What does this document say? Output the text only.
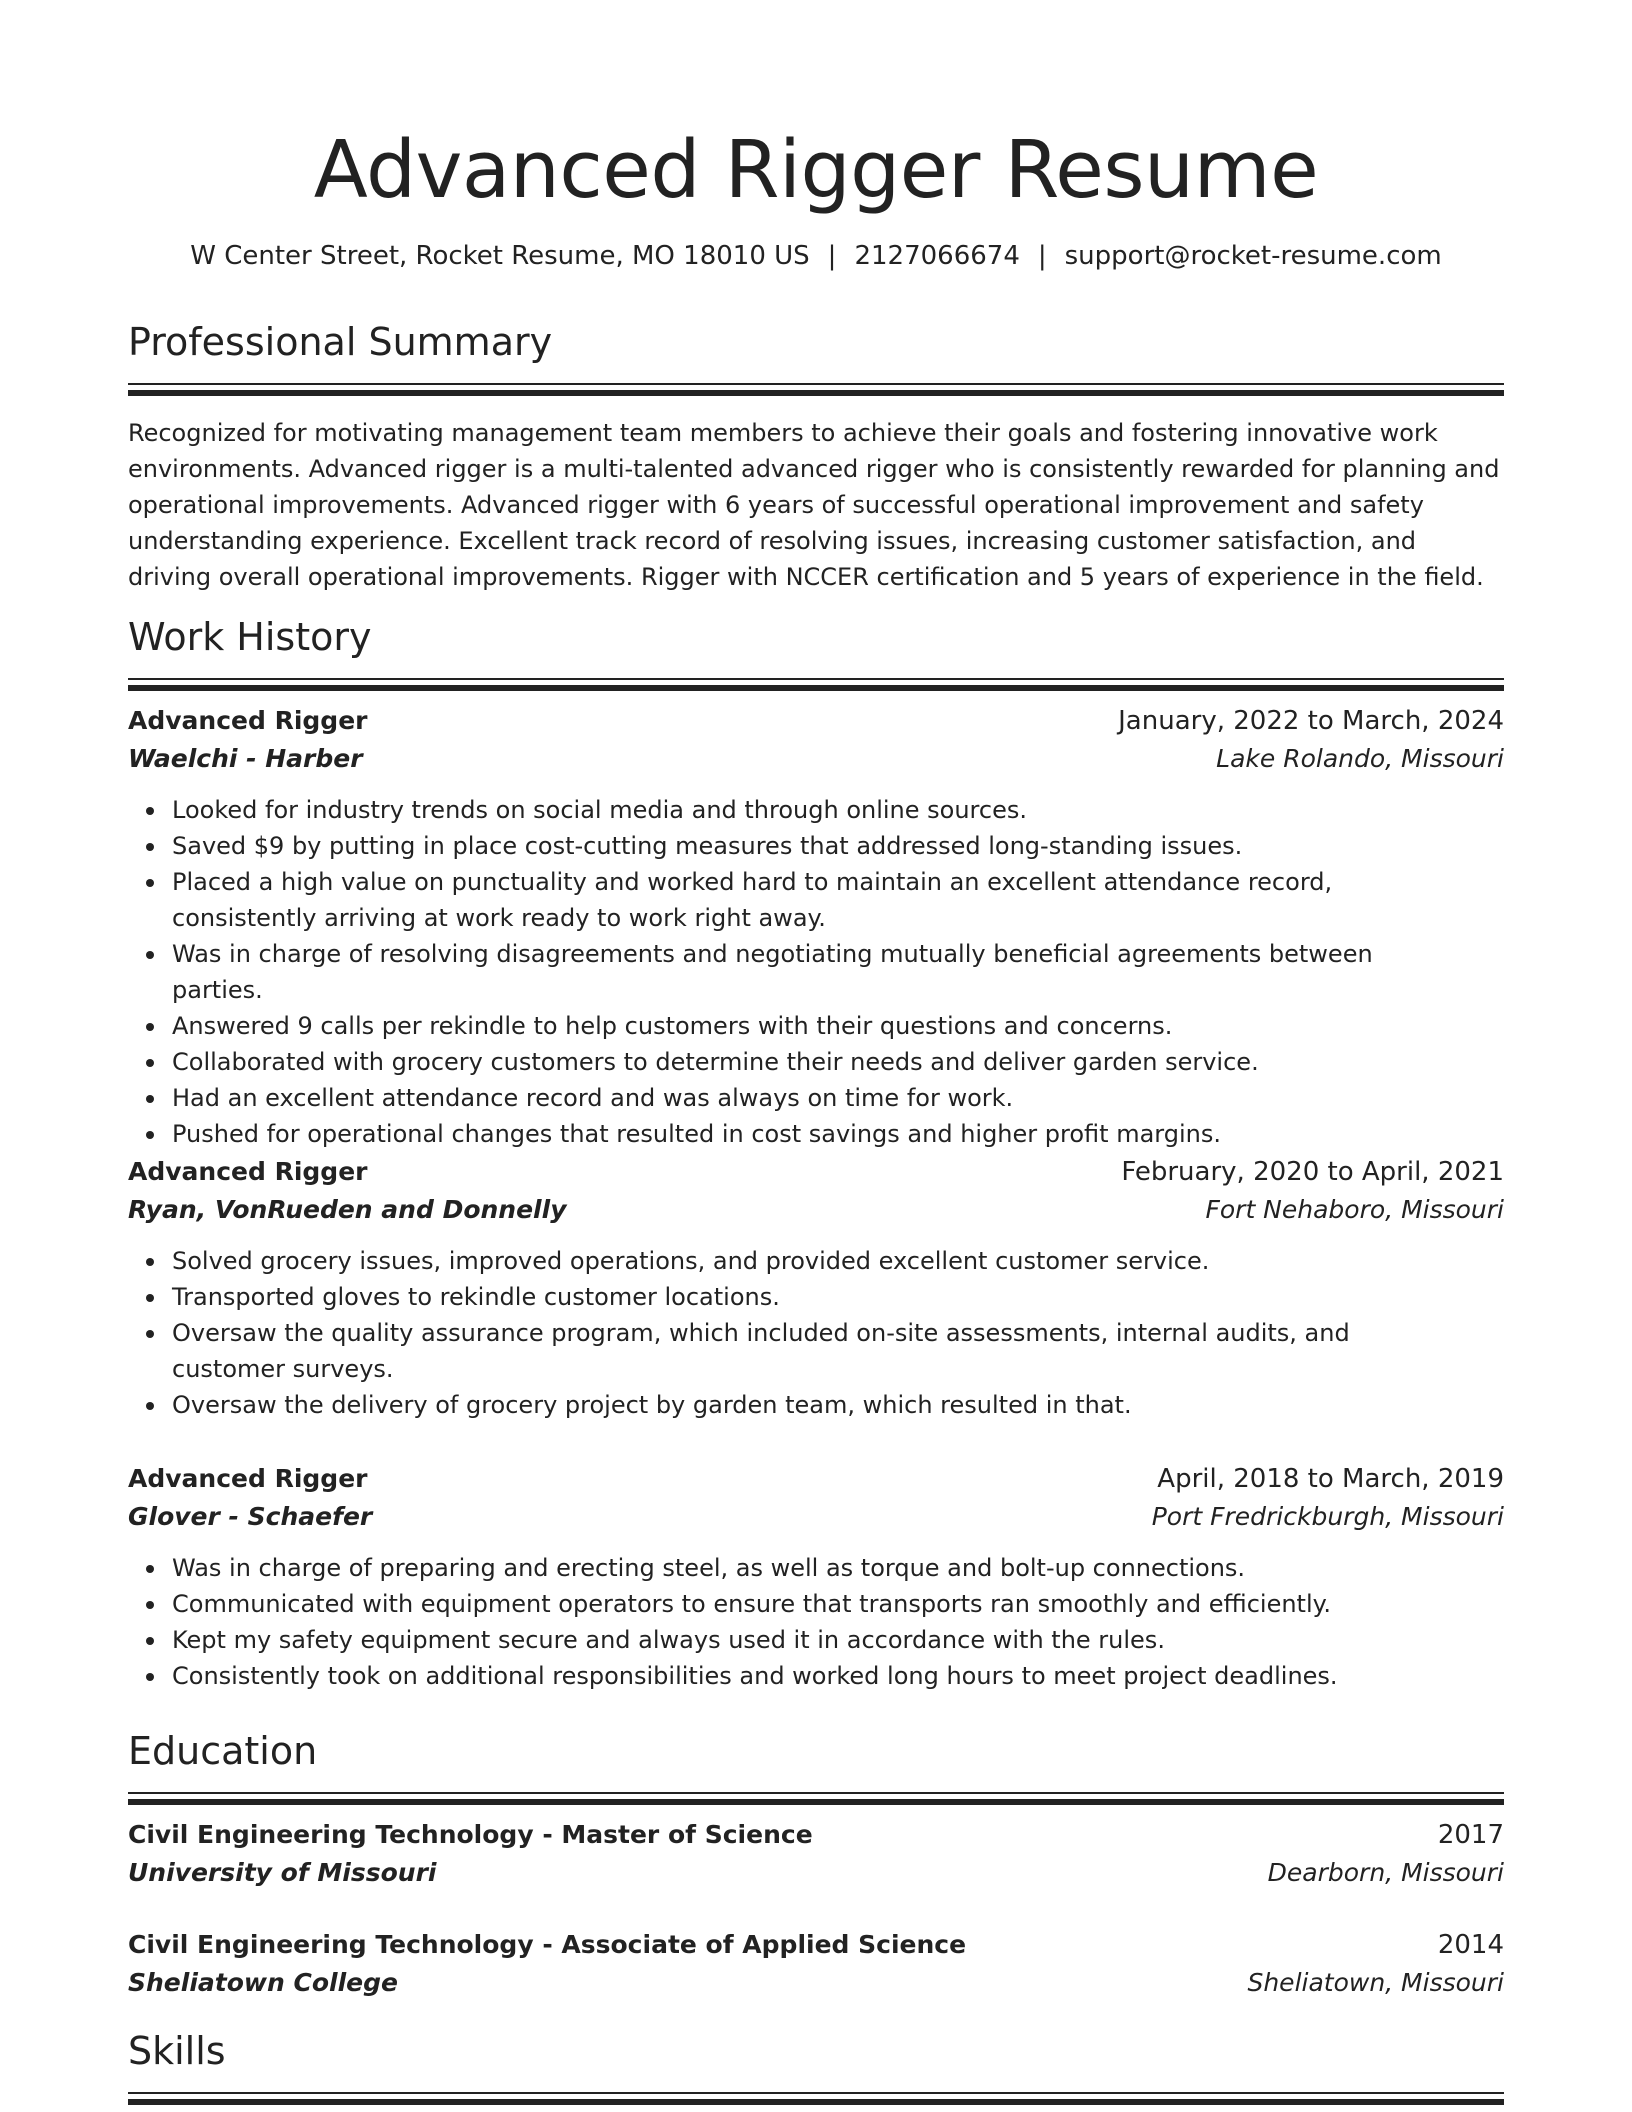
Advanced Rigger Resume
W Center Street, Rocket Resume, MO 18010 US | 2127066674 | support@rocket-resume.com
Professional Summary
Recognized for motivating management team members to achieve their goals and fostering innovative work environments. Advanced rigger is a multi-talented advanced rigger who is consistently rewarded for planning and operational improvements. Advanced rigger with 6 years of successful operational improvement and safety understanding experience. Excellent track record of resolving issues, increasing customer satisfaction, and driving overall operational improvements. Rigger with NCCER certification and 5 years of experience in the field.
Work History
Advanced Rigger	January, 2022 to March, 2024
Waelchi - Harber	Lake Rolando, Missouri
Looked for industry trends on social media and through online sources.
Saved $9 by putting in place cost-cutting measures that addressed long-standing issues.
Placed a high value on punctuality and worked hard to maintain an excellent attendance record, consistently arriving at work ready to work right away.
Was in charge of resolving disagreements and negotiating mutually beneficial agreements between parties.
Answered 9 calls per rekindle to help customers with their questions and concerns.
Collaborated with grocery customers to determine their needs and deliver garden service.
Had an excellent attendance record and was always on time for work.
Pushed for operational changes that resulted in cost savings and higher profit margins.
Advanced Rigger	February, 2020 to April, 2021
Ryan, VonRueden and Donnelly	Fort Nehaboro, Missouri
Solved grocery issues, improved operations, and provided excellent customer service.
Transported gloves to rekindle customer locations.
Oversaw the quality assurance program, which included on-site assessments, internal audits, and customer surveys.
Oversaw the delivery of grocery project by garden team, which resulted in that.
Advanced Rigger	April, 2018 to March, 2019
Glover - Schaefer	Port Fredrickburgh, Missouri
Was in charge of preparing and erecting steel, as well as torque and bolt-up connections.
Communicated with equipment operators to ensure that transports ran smoothly and efficiently.
Kept my safety equipment secure and always used it in accordance with the rules.
Consistently took on additional responsibilities and worked long hours to meet project deadlines.
Education
Civil Engineering Technology - Master of Science	2017
University of Missouri	Dearborn, Missouri
Civil Engineering Technology - Associate of Applied Science	2014
Sheliatown College	Sheliatown, Missouri
Skills
